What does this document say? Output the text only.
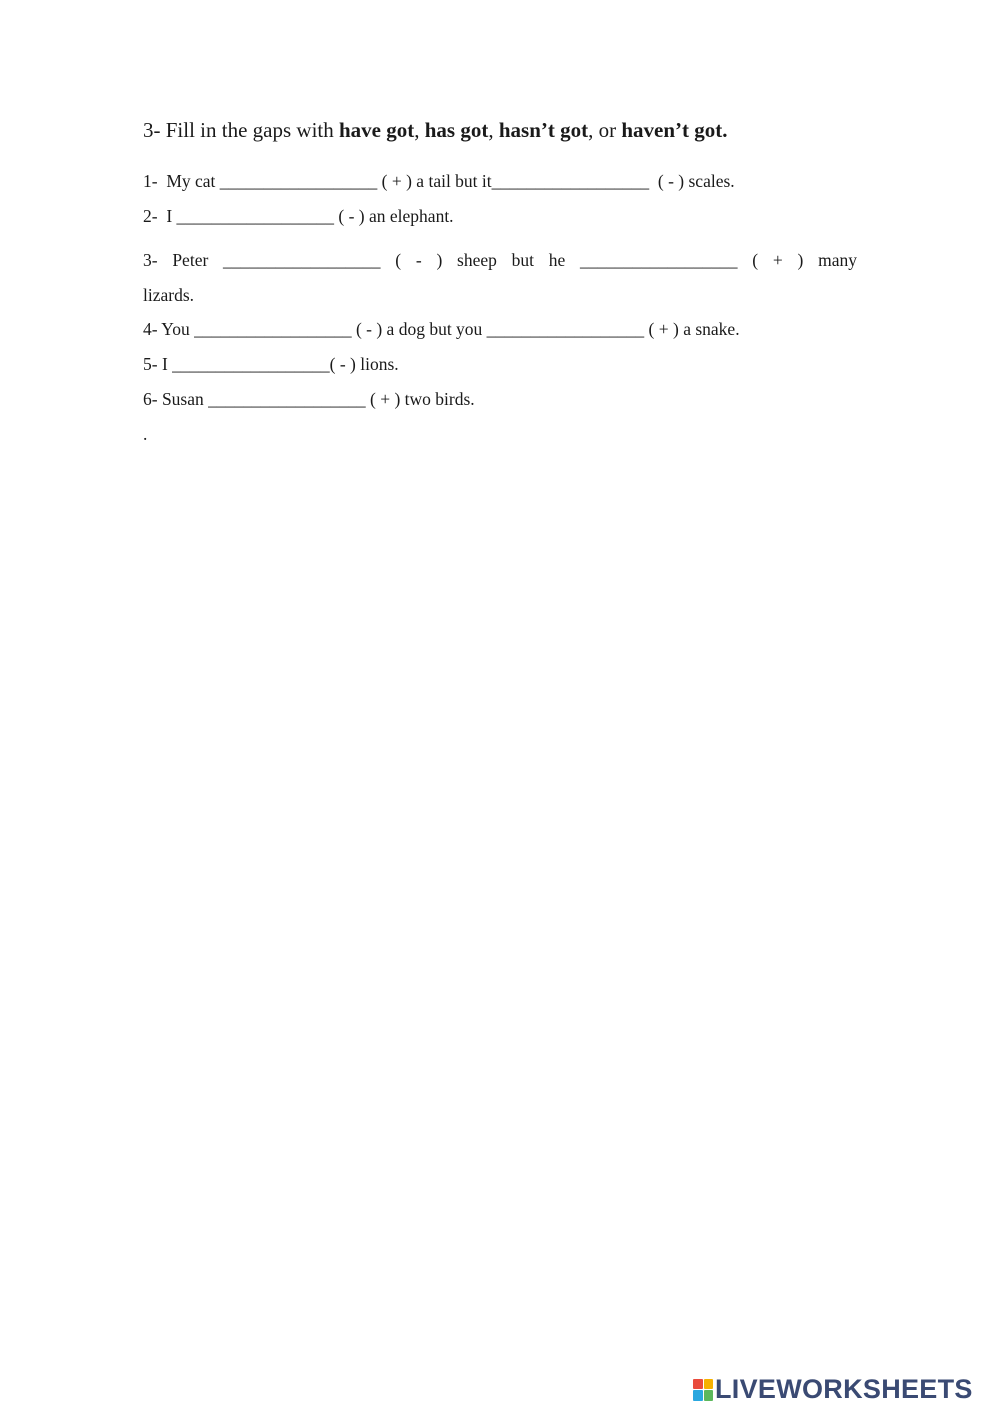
3- Fill in the gaps with have got, has got, hasn’t got, or haven’t got.
1-  My cat __________________ ( + ) a tail but it__________________  ( - ) scales.
2-  I __________________ ( - ) an elephant.
3- Peter __________________ ( - ) sheep but he __________________ ( + ) many
lizards.
4- You __________________ ( - ) a dog but you __________________ ( + ) a snake.
5- I __________________( - ) lions.
6- Susan __________________ ( + ) two birds.
.
LIVEWORKSHEETS
